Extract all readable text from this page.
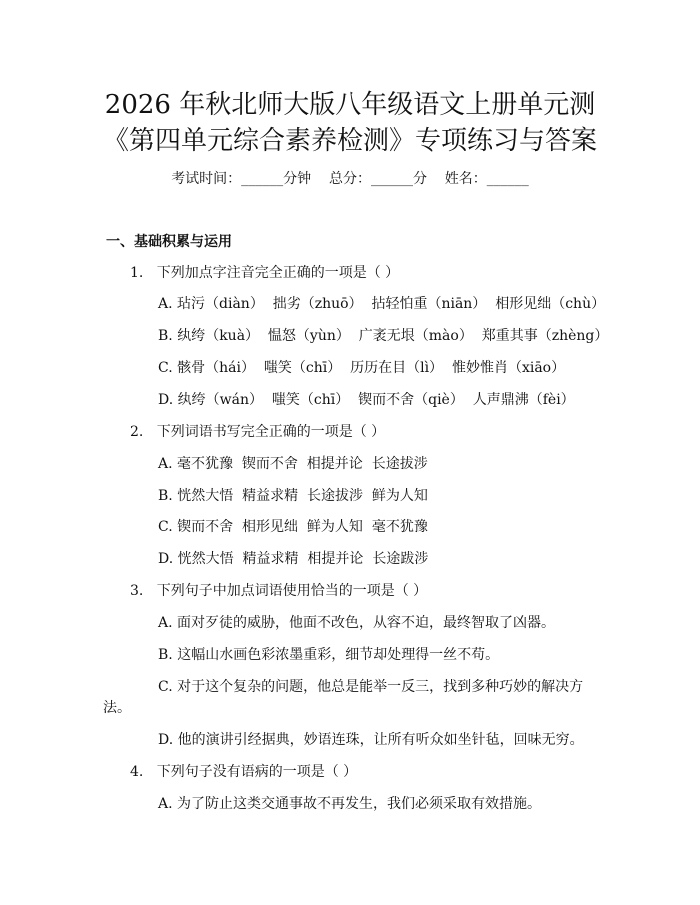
2026 年秋北师大版八年级语文上册单元测
《第四单元综合素养检测》专项练习与答案
考试时间：______分钟    总分：______分    姓名：______
一、基础积累与运用
1.   下列加点字注音完全正确的一项是（ ）
A. 玷污（diàn）  拙劣（zhuō）  拈轻怕重（niān）  相形见绌（chù）
B. 纨绔（kuà）  愠怒（yùn）  广袤无垠（mào）  郑重其事（zhèng）
C. 骸骨（hái）  嗤笑（chī）  历历在目（lì）  惟妙惟肖（xiāo）
D. 纨绔（wán）  嗤笑（chī）  锲而不舍（qiè）  人声鼎沸（fèi）
2.   下列词语书写完全正确的一项是（ ）
A. 毫不犹豫  锲而不舍  相提并论  长途拔涉
B. 恍然大悟  精益求精  长途拔涉  鲜为人知
C. 锲而不舍  相形见绌  鲜为人知  毫不犹豫
D. 恍然大悟  精益求精  相提并论  长途跋涉
3.   下列句子中加点词语使用恰当的一项是（ ）
A. 面对歹徒的威胁，他面不改色，从容不迫，最终智取了凶器。
B. 这幅山水画色彩浓墨重彩，细节却处理得一丝不苟。
C. 对于这个复杂的问题，他总是能举一反三，找到多种巧妙的解决方
法。
D. 他的演讲引经据典，妙语连珠，让所有听众如坐针毡，回味无穷。
4.   下列句子没有语病的一项是（ ）
A. 为了防止这类交通事故不再发生，我们必须采取有效措施。
